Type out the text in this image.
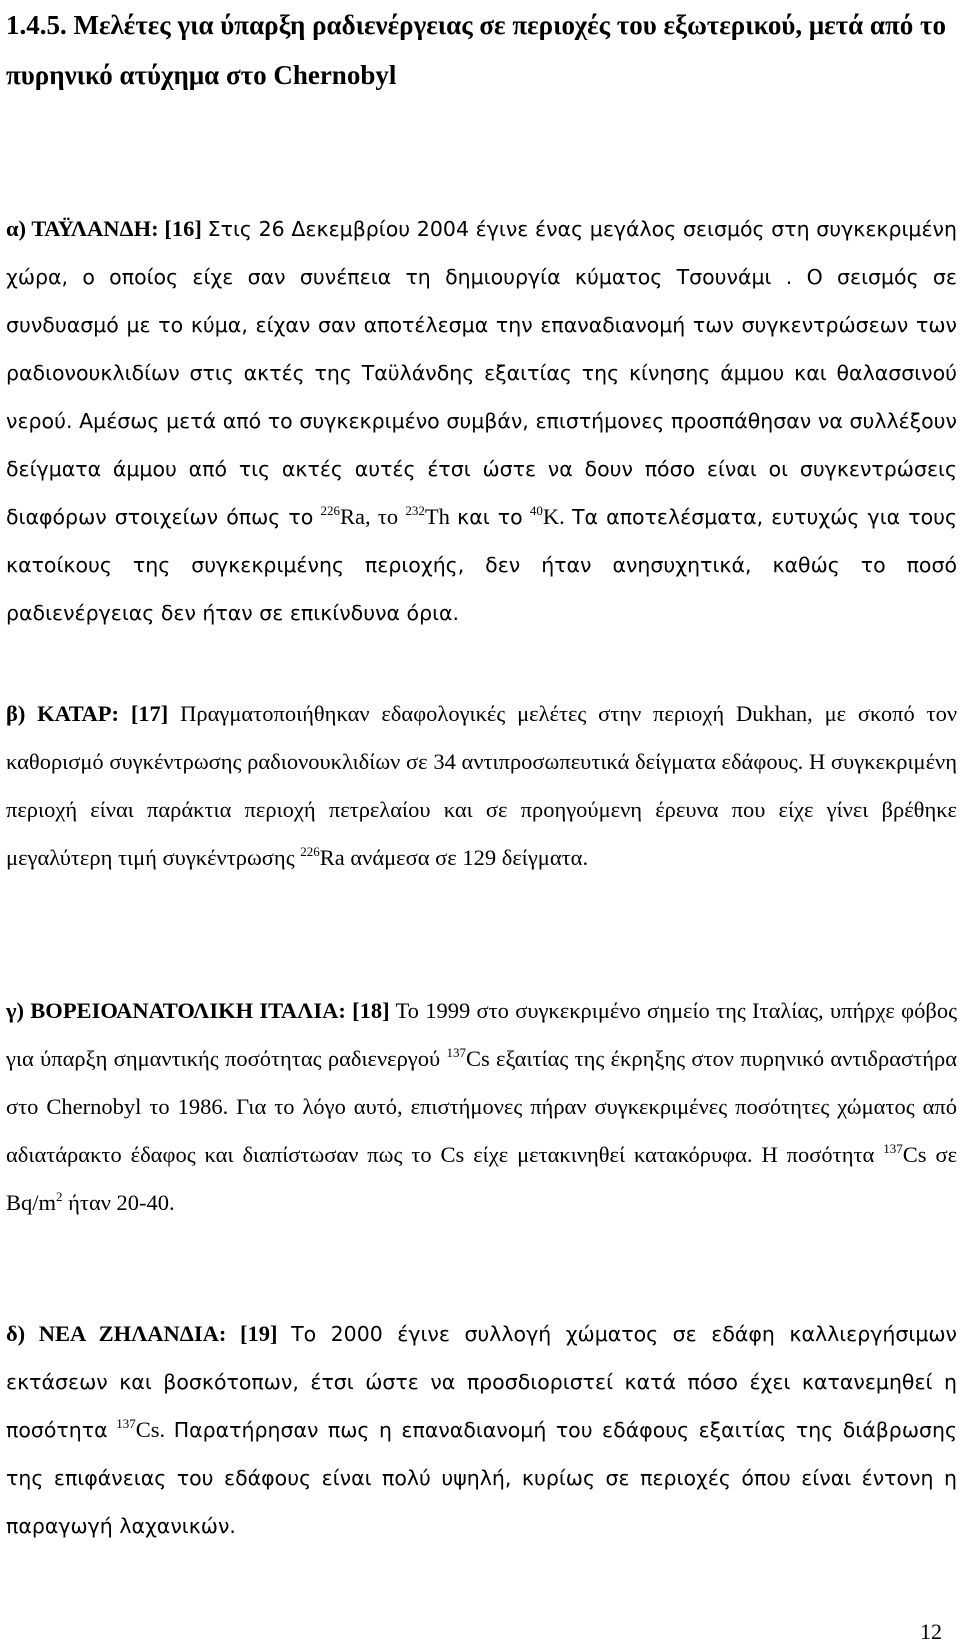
1.4.5. Μελέτες για ύπαρξη ραδιενέργειας σε περιοχές του εξωτερικού, μετά από το πυρηνικό ατύχημα στο Chernobyl

α) ΤΑΫΛΑΝΔΗ: [16] Στις 26 Δεκεμβρίου 2004 έγινε ένας μεγάλος σεισμός στη συγκεκριμένη χώρα, ο οποίος είχε σαν συνέπεια τη δημιουργία κύματος Τσουνάμι . Ο σεισμός σε συνδυασμό με το κύμα, είχαν σαν αποτέλεσμα την επαναδιανομή των συγκεντρώσεων των ραδιονουκλιδίων στις ακτές της Ταϋλάνδης εξαιτίας της κίνησης άμμου και θαλασσινού νερού. Αμέσως μετά από το συγκεκριμένο συμβάν, επιστήμονες προσπάθησαν να συλλέξουν δείγματα άμμου από τις ακτές αυτές έτσι ώστε να δουν πόσο είναι οι συγκεντρώσεις διαφόρων στοιχείων όπως το $^{226}$Ra, το $^{232}$Th και το $^{40}$K. Τα αποτελέσματα, ευτυχώς για τους κατοίκους της συγκεκριμένης περιοχής, δεν ήταν ανησυχητικά, καθώς το ποσό ραδιενέργειας δεν ήταν σε επικίνδυνα όρια.

β) ΚΑΤΑΡ: [17] Πραγματοποιήθηκαν εδαφολογικές μελέτες στην περιοχή Dukhan, με σκοπό τον καθορισμό συγκέντρωσης ραδιονουκλιδίων σε 34 αντιπροσωπευτικά δείγματα εδάφους. Η συγκεκριμένη περιοχή είναι παράκτια περιοχή πετρελαίου και σε προηγούμενη έρευνα που είχε γίνει βρέθηκε μεγαλύτερη τιμή συγκέντρωσης $^{226}$Ra ανάμεσα σε 129 δείγματα.

γ) ΒΟΡΕΙΟΑΝΑΤΟΛΙΚΗ ΙΤΑΛΙΑ: [18] Το 1999 στο συγκεκριμένο σημείο της Ιταλίας, υπήρχε φόβος για ύπαρξη σημαντικής ποσότητας ραδιενεργού $^{137}$Cs εξαιτίας της έκρηξης στον πυρηνικό αντιδραστήρα στο Chernobyl το 1986. Για το λόγο αυτό, επιστήμονες πήραν συγκεκριμένες ποσότητες χώματος από αδιατάρακτο έδαφος και διαπίστωσαν πως το Cs είχε μετακινηθεί κατακόρυφα. Η ποσότητα $^{137}$Cs σε $Bq/m^2$ ήταν 20-40.

δ) ΝΕΑ ΖΗΛΑΝΔΙΑ: [19] Το 2000 έγινε συλλογή χώματος σε εδάφη καλλιεργήσιμων εκτάσεων και βοσκότοπων, έτσι ώστε να προσδιοριστεί κατά πόσο έχει κατανεμηθεί η ποσότητα $^{137}$Cs. Παρατήρησαν πως η επαναδιανομή του εδάφους εξαιτίας της διάβρωσης της επιφάνειας του εδάφους είναι πολύ υψηλή, κυρίως σε περιοχές όπου είναι έντονη η παραγωγή λαχανικών.

12
